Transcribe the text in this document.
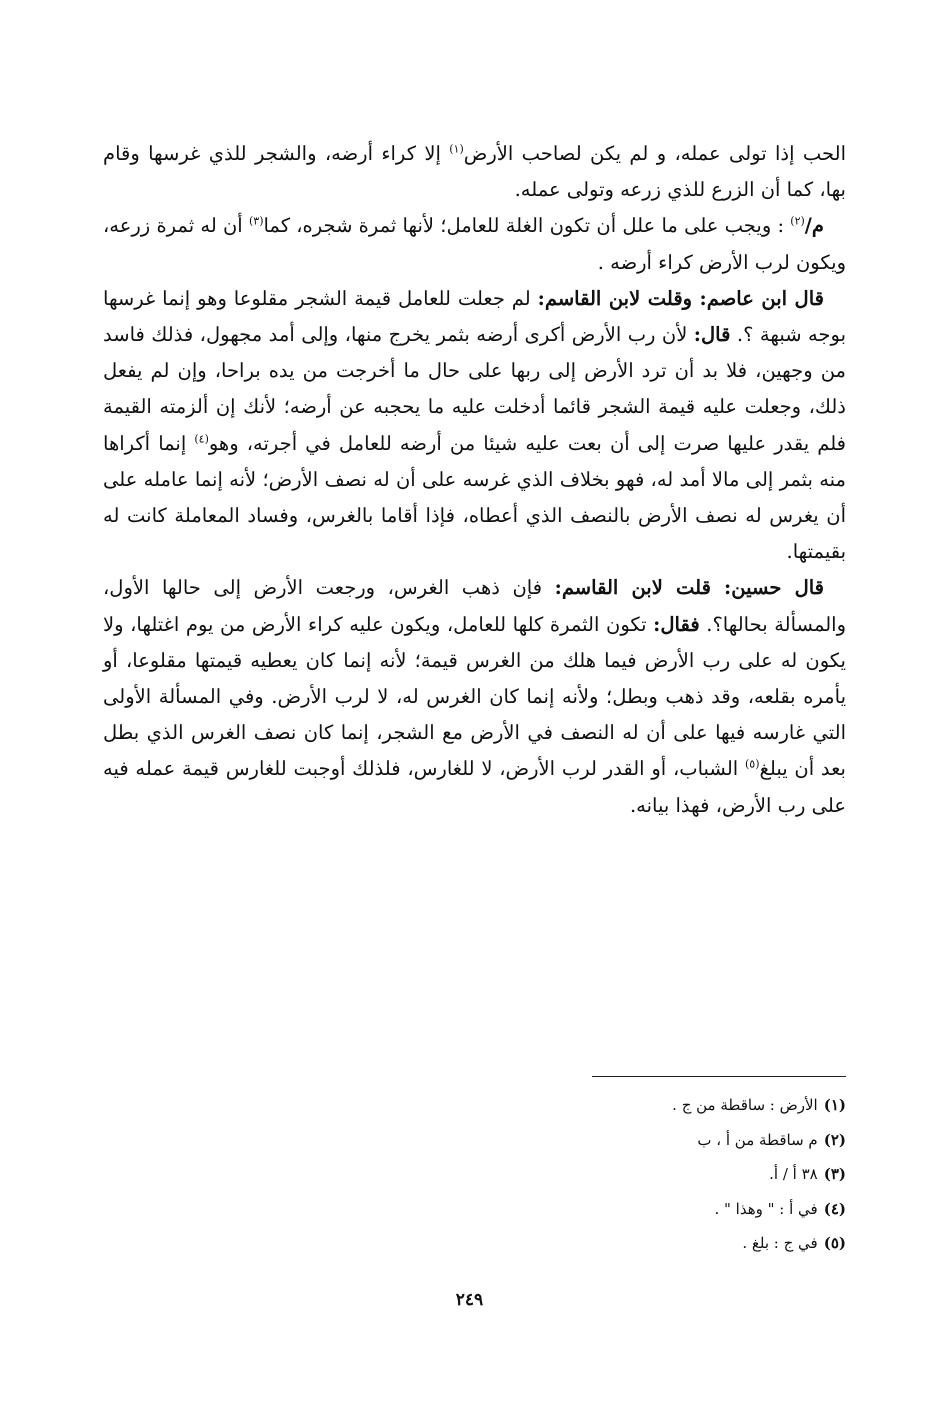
الحب إذا تولى عمله، و لم يكن لصاحب الأرض$^{(١)}$ إلا كراء أرضه، والشجر للذي غرسها وقام بها، كما أن الزرع للذي زرعه وتولى عمله.

م/$^{(٢)}$ : ويجب على ما علل أن تكون الغلة للعامل؛ لأنها ثمرة شجره، كما$^{(٣)}$ أن له ثمرة زرعه، ويكون لرب الأرض كراء أرضه .

قال ابن عاصم: وقلت لابن القاسم: لم جعلت للعامل قيمة الشجر مقلوعا وهو إنما غرسها بوجه شبهة ؟. قال: لأن رب الأرض أكرى أرضه بثمر يخرج منها، وإلى أمد مجهول، فذلك فاسد من وجهين، فلا بد أن ترد الأرض إلى ربها على حال ما أخرجت من يده براحا، وإن لم يفعل ذلك، وجعلت عليه قيمة الشجر قائما أدخلت عليه ما يحجبه عن أرضه؛ لأنك إن ألزمته القيمة فلم يقدر عليها صرت إلى أن بعت عليه شيئا من أرضه للعامل في أجرته، وهو$^{(٤)}$ إنما أكراها منه بثمر إلى مالا أمد له، فهو بخلاف الذي غرسه على أن له نصف الأرض؛ لأنه إنما عامله على أن يغرس له نصف الأرض بالنصف الذي أعطاه، فإذا أقاما بالغرس، وفساد المعاملة كانت له بقيمتها.

قال حسين: قلت لابن القاسم: فإن ذهب الغرس، ورجعت الأرض إلى حالها الأول، والمسألة بحالها؟. فقال: تكون الثمرة كلها للعامل، ويكون عليه كراء الأرض من يوم اغتلها، ولا يكون له على رب الأرض فيما هلك من الغرس قيمة؛ لأنه إنما كان يعطيه قيمتها مقلوعا، أو يأمره بقلعه، وقد ذهب وبطل؛ ولأنه إنما كان الغرس له، لا لرب الأرض. وفي المسألة الأولى التي غارسه فيها على أن له النصف في الأرض مع الشجر، إنما كان نصف الغرس الذي بطل بعد أن يبلغ$^{(٥)}$ الشباب، أو القدر لرب الأرض، لا للغارس، فلذلك أوجبت للغارس قيمة عمله فيه على رب الأرض، فهذا بيانه.

(١)الأرض : ساقطة من ج .

(٢)م ساقطة من أ ، ب

(٣)٣٨ أ / أ.

(٤)في أ : " وهذا " .

(٥)في ج : بلغ .

٢٤٩
